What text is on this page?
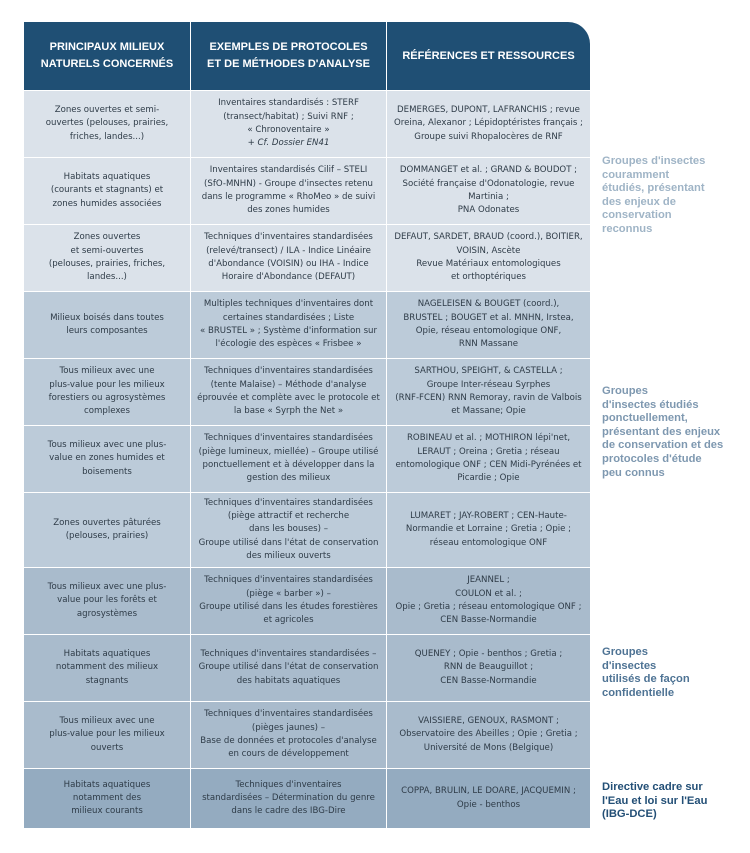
PRINCIPAUX MILIEUX
NATURELS CONCERNÉS
EXEMPLES DE PROTOCOLES
ET DE MÉTHODES D'ANALYSE
RÉFÉRENCES ET RESSOURCES
Zones ouvertes et semi-
ouvertes (pelouses, prairies,
friches, landes...)
Inventaires standardisés : STERF
(transect/habitat) ; Suivi RNF ;
« Chronoventaire »
+ Cf. Dossier EN41
DEMERGES, DUPONT, LAFRANCHIS ; revue
Oreina, Alexanor ; Lépidoptéristes français ;
Groupe suivi Rhopalocères de RNF
Habitats aquatiques
(courants et stagnants) et
zones humides associées
Inventaires standardisés Cilif – STELI
(SfO-MNHN) - Groupe d'insectes retenu
dans le programme « RhoMeo » de suivi
des zones humides
DOMMANGET et al. ; GRAND & BOUDOT ;
Société française d'Odonatologie, revue
Martinia ;
PNA Odonates
Zones ouvertes
et semi-ouvertes
(pelouses, prairies, friches,
landes...)
Techniques d'inventaires standardisées
(relevé/transect) / ILA - Indice Linéaire
d'Abondance (VOISIN) ou IHA - Indice
Horaire d'Abondance (DEFAUT)
DEFAUT, SARDET, BRAUD (coord.), BOITIER,
VOISIN, Ascète
Revue Matériaux entomologiques
et orthoptériques
Milieux boisés dans toutes
leurs composantes
Multiples techniques d'inventaires dont
certaines standardisées ; Liste
« BRUSTEL » ; Système d'information sur
l'écologie des espèces « Frisbee »
NAGELEISEN & BOUGET (coord.),
BRUSTEL ; BOUGET et al. MNHN, Irstea,
Opie, réseau entomologique ONF,
RNN Massane
Tous milieux avec une
plus-value pour les milieux
forestiers ou agrosystèmes
complexes
Techniques d'inventaires standardisées
(tente Malaise) – Méthode d'analyse
éprouvée et complète avec le protocole et
la base « Syrph the Net »
SARTHOU, SPEIGHT, & CASTELLA ;
Groupe Inter-réseau Syrphes
(RNF-FCEN) RNN Remoray, ravin de Valbois
et Massane; Opie
Tous milieux avec une plus-
value en zones humides et
boisements
Techniques d'inventaires standardisées
(piège lumineux, miellée) – Groupe utilisé
ponctuellement et à développer dans la
gestion des milieux
ROBINEAU et al. ; MOTHIRON lépi'net,
LERAUT ; Oreina ; Gretia ; réseau
entomologique ONF ; CEN Midi-Pyrénées et
Picardie ; Opie
Zones ouvertes pâturées
(pelouses, prairies)
Techniques d'inventaires standardisées
(piège attractif et recherche
dans les bouses) –
Groupe utilisé dans l'état de conservation
des milieux ouverts
LUMARET ; JAY-ROBERT ; CEN-Haute-
Normandie et Lorraine ; Gretia ; Opie ;
réseau entomologique ONF
Tous milieux avec une plus-
value pour les forêts et
agrosystèmes
Techniques d'inventaires standardisées
(piège « barber ») –
Groupe utilisé dans les études forestières
et agricoles
JEANNEL ;
COULON et al. ;
Opie ; Gretia ; réseau entomologique ONF ;
CEN Basse-Normandie
Habitats aquatiques
notamment des milieux
stagnants
Techniques d'inventaires standardisées –
Groupe utilisé dans l'état de conservation
des habitats aquatiques
QUENEY ; Opie - benthos ; Gretia ;
RNN de Beauguillot ;
CEN Basse-Normandie
Tous milieux avec une
plus-value pour les milieux
ouverts
Techniques d'inventaires standardisées
(pièges jaunes) –
Base de données et protocoles d'analyse
en cours de développement
VAISSIERE, GENOUX, RASMONT ;
Observatoire des Abeilles ; Opie ; Gretia ;
Université de Mons (Belgique)
Habitats aquatiques
notamment des
milieux courants
Techniques d'inventaires
standardisées – Détermination du genre
dans le cadre des IBG-Dire
COPPA, BRULIN, LE DOARE, JACQUEMIN ;
Opie - benthos
Groupes d'insectes
couramment
étudiés, présentant
des enjeux de
conservation
reconnus
Groupes
d'insectes étudiés
ponctuellement,
présentant des enjeux
de conservation et des
protocoles d'étude
peu connus
Groupes
d'insectes
utilisés de façon
confidentielle
Directive cadre sur
l'Eau et loi sur l'Eau
(IBG-DCE)
